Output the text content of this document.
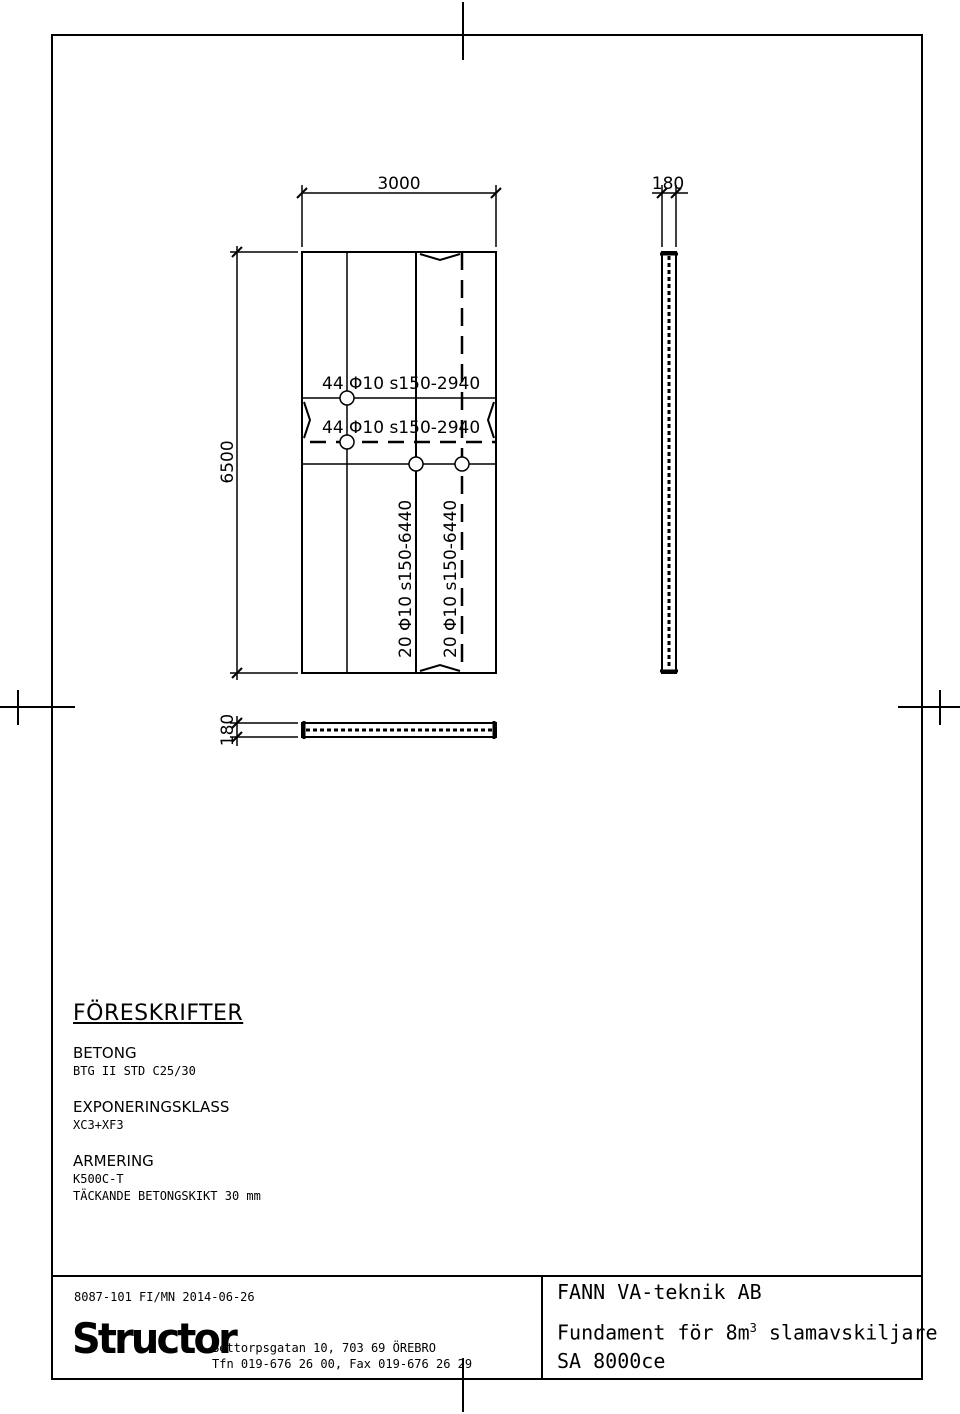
44 Φ10 s150-2940
44 Φ10 s150-2940
20 Φ10 s150-6440 20 Φ10 s150-6440
3000	180
6500
180
FÖRESKRIFTER
BETONG
BTG II STD C25/30
EXPONERINGSKLASS
XC3+XF3
ARMERING
K500C-T
TÄCKANDE BETONGSKIKT 30 mm
8087-101 FI/MN 2014-06-26
Structor
Bettorpsgatan 10, 703 69 ÖREBRO
Tfn 019-676 26 00, Fax 019-676 26 29
FANN VA-teknik AB
Fundament för $8m^3$ slamavskiljare
SA 8000ce
